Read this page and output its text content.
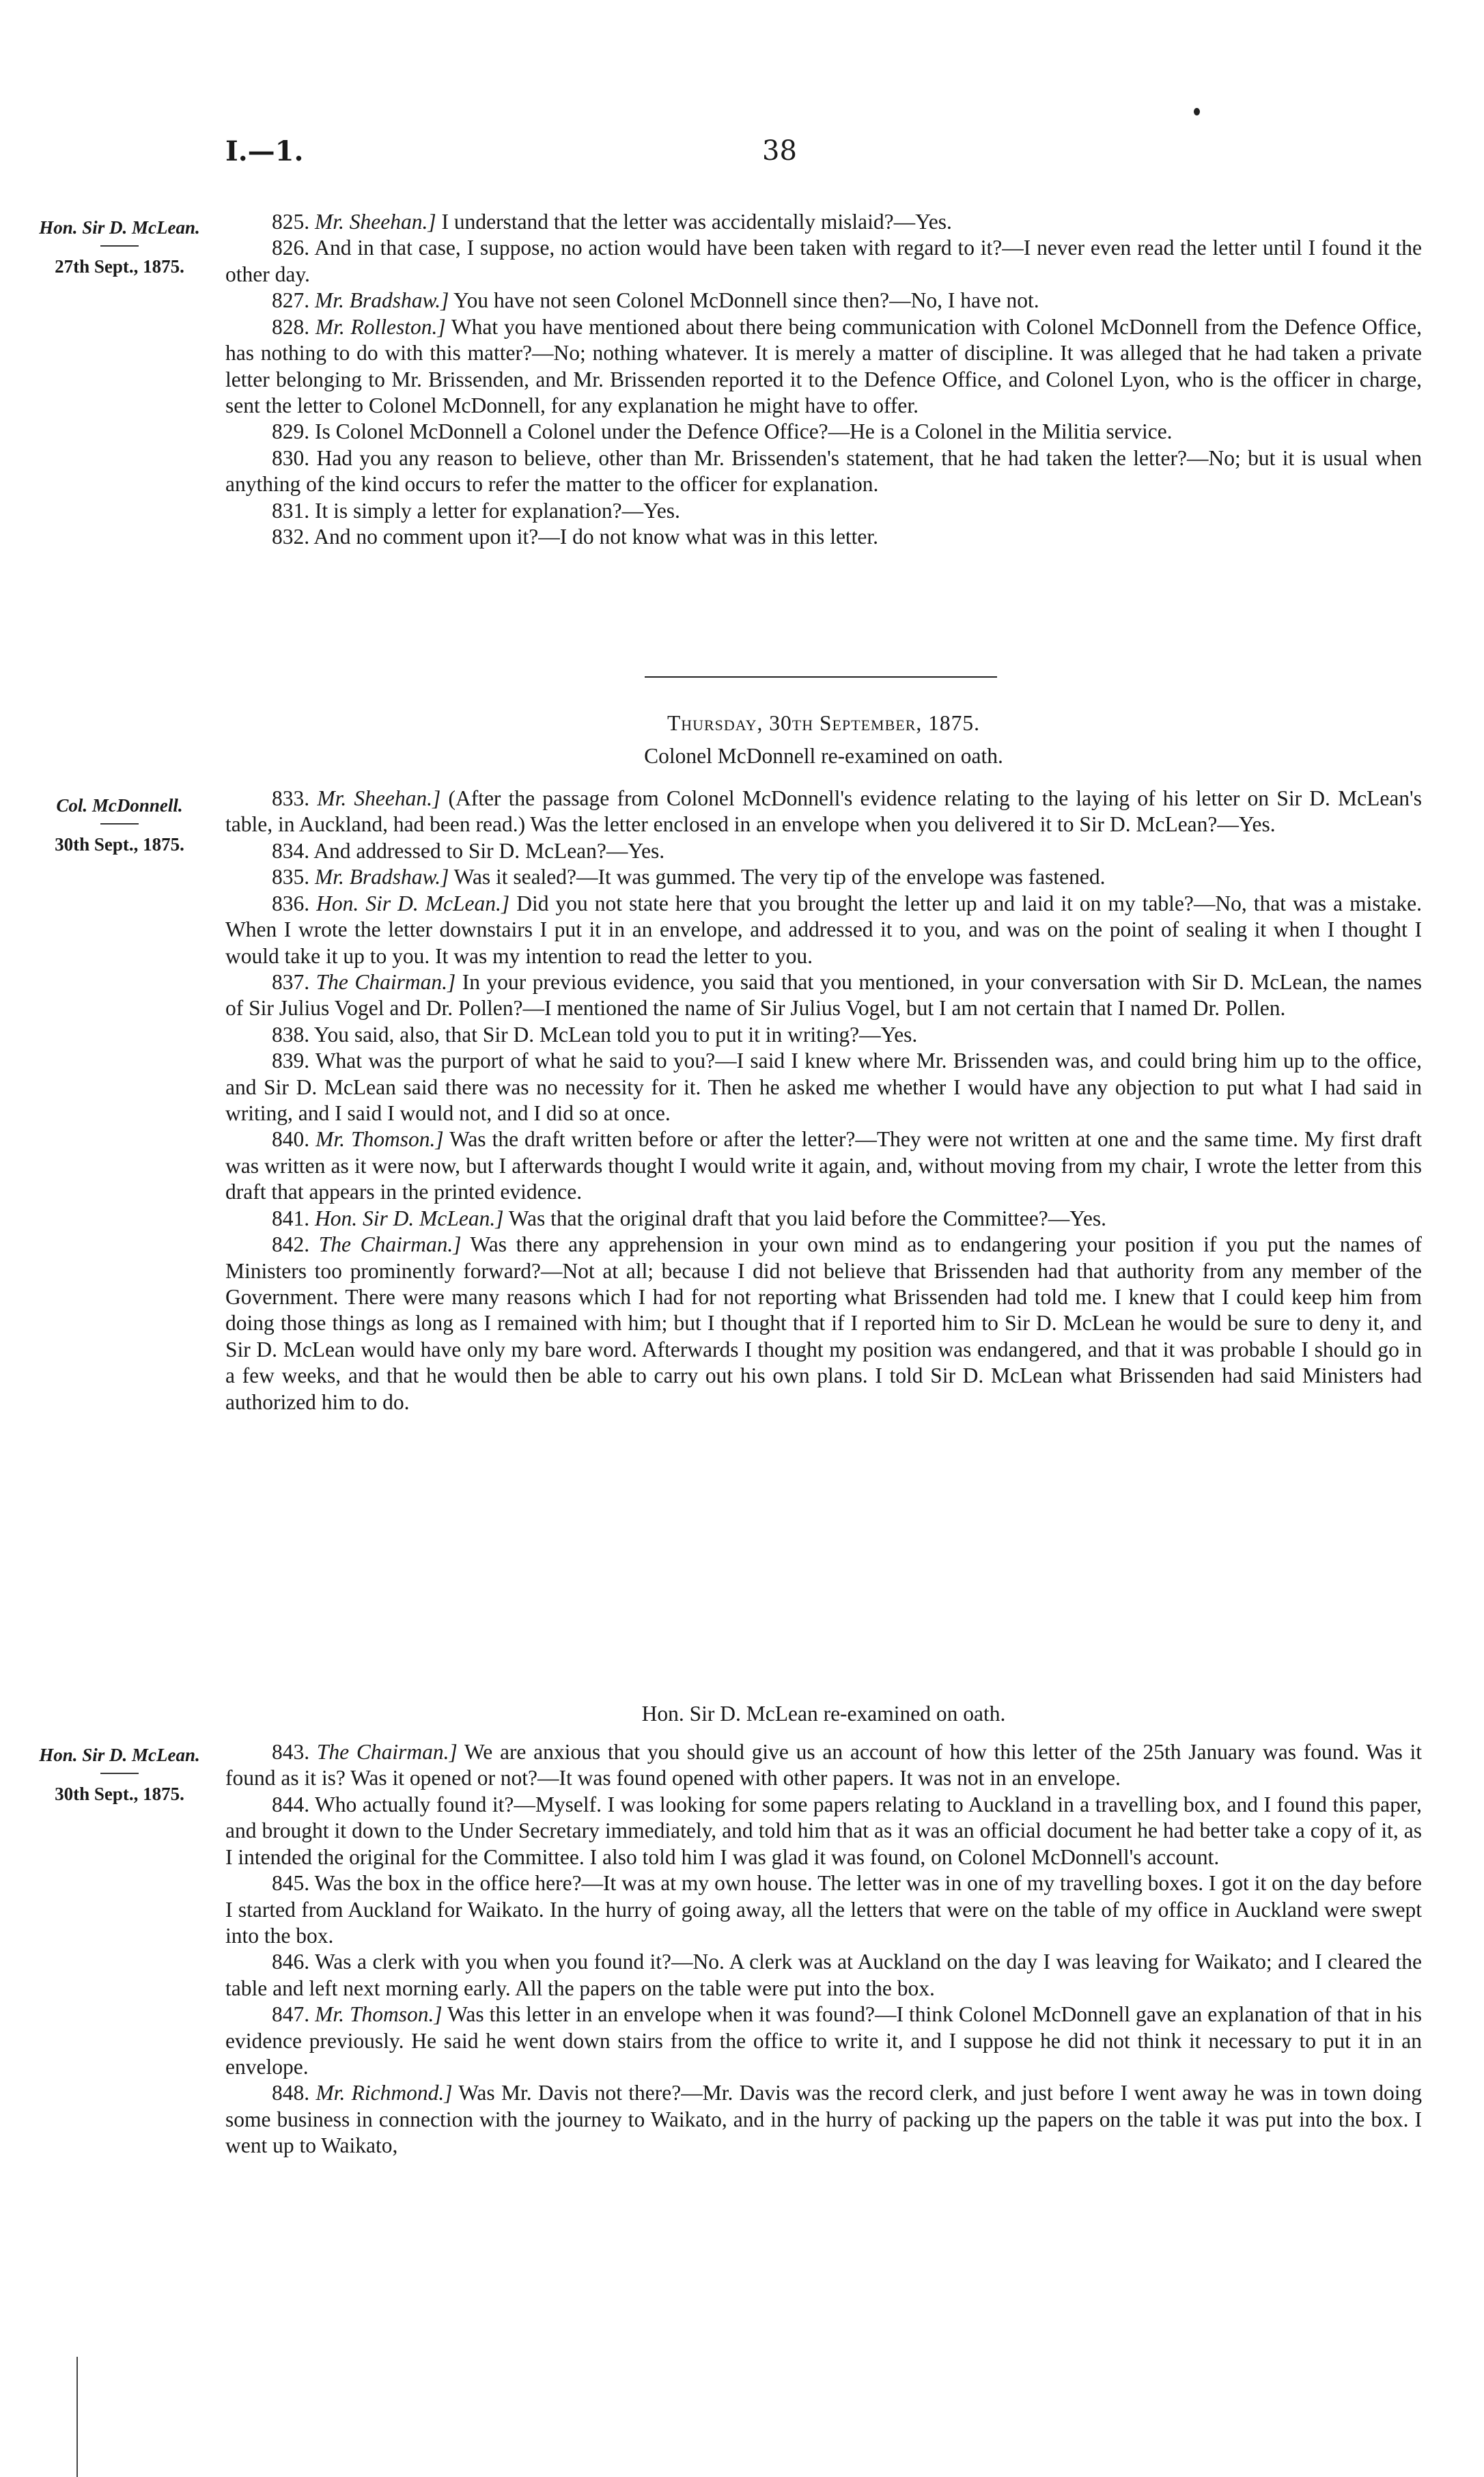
I.—1.	38
Hon. Sir D. McLean.
27th Sept., 1875.
Col. McDonnell.
30th Sept., 1875.
Hon. Sir D. McLean.
30th Sept., 1875.

825. Mr. Sheehan.] I understand that the letter was accidentally mislaid?—Yes.

826. And in that case, I suppose, no action would have been taken with regard to it?—I never even read the letter until I found it the other day.

827. Mr. Bradshaw.] You have not seen Colonel McDonnell since then?—No, I have not.

828. Mr. Rolleston.] What you have mentioned about there being communication with Colonel McDonnell from the Defence Office, has nothing to do with this matter?—No; nothing whatever. It is merely a matter of discipline. It was alleged that he had taken a private letter belonging to Mr. Brissenden, and Mr. Brissenden reported it to the Defence Office, and Colonel Lyon, who is the officer in charge, sent the letter to Colonel McDonnell, for any explanation he might have to offer.

829. Is Colonel McDonnell a Colonel under the Defence Office?—He is a Colonel in the Militia service.

830. Had you any reason to believe, other than Mr. Brissenden's statement, that he had taken the letter?—No; but it is usual when anything of the kind occurs to refer the matter to the officer for explanation.

831. It is simply a letter for explanation?—Yes.

832. And no comment upon it?—I do not know what was in this letter.

Thursday, 30th September, 1875.

Colonel McDonnell re-examined on oath.

833. Mr. Sheehan.] (After the passage from Colonel McDonnell's evidence relating to the laying of his letter on Sir D. McLean's table, in Auckland, had been read.) Was the letter enclosed in an envelope when you delivered it to Sir D. McLean?—Yes.

834. And addressed to Sir D. McLean?—Yes.

835. Mr. Bradshaw.] Was it sealed?—It was gummed. The very tip of the envelope was fastened.

836. Hon. Sir D. McLean.] Did you not state here that you brought the letter up and laid it on my table?—No, that was a mistake. When I wrote the letter downstairs I put it in an envelope, and addressed it to you, and was on the point of sealing it when I thought I would take it up to you. It was my intention to read the letter to you.

837. The Chairman.] In your previous evidence, you said that you mentioned, in your conversation with Sir D. McLean, the names of Sir Julius Vogel and Dr. Pollen?—I mentioned the name of Sir Julius Vogel, but I am not certain that I named Dr. Pollen.

838. You said, also, that Sir D. McLean told you to put it in writing?—Yes.

839. What was the purport of what he said to you?—I said I knew where Mr. Brissenden was, and could bring him up to the office, and Sir D. McLean said there was no necessity for it. Then he asked me whether I would have any objection to put what I had said in writing, and I said I would not, and I did so at once.

840. Mr. Thomson.] Was the draft written before or after the letter?—They were not written at one and the same time. My first draft was written as it were now, but I afterwards thought I would write it again, and, without moving from my chair, I wrote the letter from this draft that appears in the printed evidence.

841. Hon. Sir D. McLean.] Was that the original draft that you laid before the Committee?—Yes.

842. The Chairman.] Was there any apprehension in your own mind as to endangering your position if you put the names of Ministers too prominently forward?—Not at all; because I did not believe that Brissenden had that authority from any member of the Government. There were many reasons which I had for not reporting what Brissenden had told me. I knew that I could keep him from doing those things as long as I remained with him; but I thought that if I reported him to Sir D. McLean he would be sure to deny it, and Sir D. McLean would have only my bare word. Afterwards I thought my position was endangered, and that it was probable I should go in a few weeks, and that he would then be able to carry out his own plans. I told Sir D. McLean what Brissenden had said Ministers had authorized him to do.

Hon. Sir D. McLean re-examined on oath.

843. The Chairman.] We are anxious that you should give us an account of how this letter of the 25th January was found. Was it found as it is? Was it opened or not?—It was found opened with other papers. It was not in an envelope.

844. Who actually found it?—Myself. I was looking for some papers relating to Auckland in a travelling box, and I found this paper, and brought it down to the Under Secretary immediately, and told him that as it was an official document he had better take a copy of it, as I intended the original for the Committee. I also told him I was glad it was found, on Colonel McDonnell's account.

845. Was the box in the office here?—It was at my own house. The letter was in one of my travelling boxes. I got it on the day before I started from Auckland for Waikato. In the hurry of going away, all the letters that were on the table of my office in Auckland were swept into the box.

846. Was a clerk with you when you found it?—No. A clerk was at Auckland on the day I was leaving for Waikato; and I cleared the table and left next morning early. All the papers on the table were put into the box.

847. Mr. Thomson.] Was this letter in an envelope when it was found?—I think Colonel McDonnell gave an explanation of that in his evidence previously. He said he went down stairs from the office to write it, and I suppose he did not think it necessary to put it in an envelope.

848. Mr. Richmond.] Was Mr. Davis not there?—Mr. Davis was the record clerk, and just before I went away he was in town doing some business in connection with the journey to Waikato, and in the hurry of packing up the papers on the table it was put into the box. I went up to Waikato,
